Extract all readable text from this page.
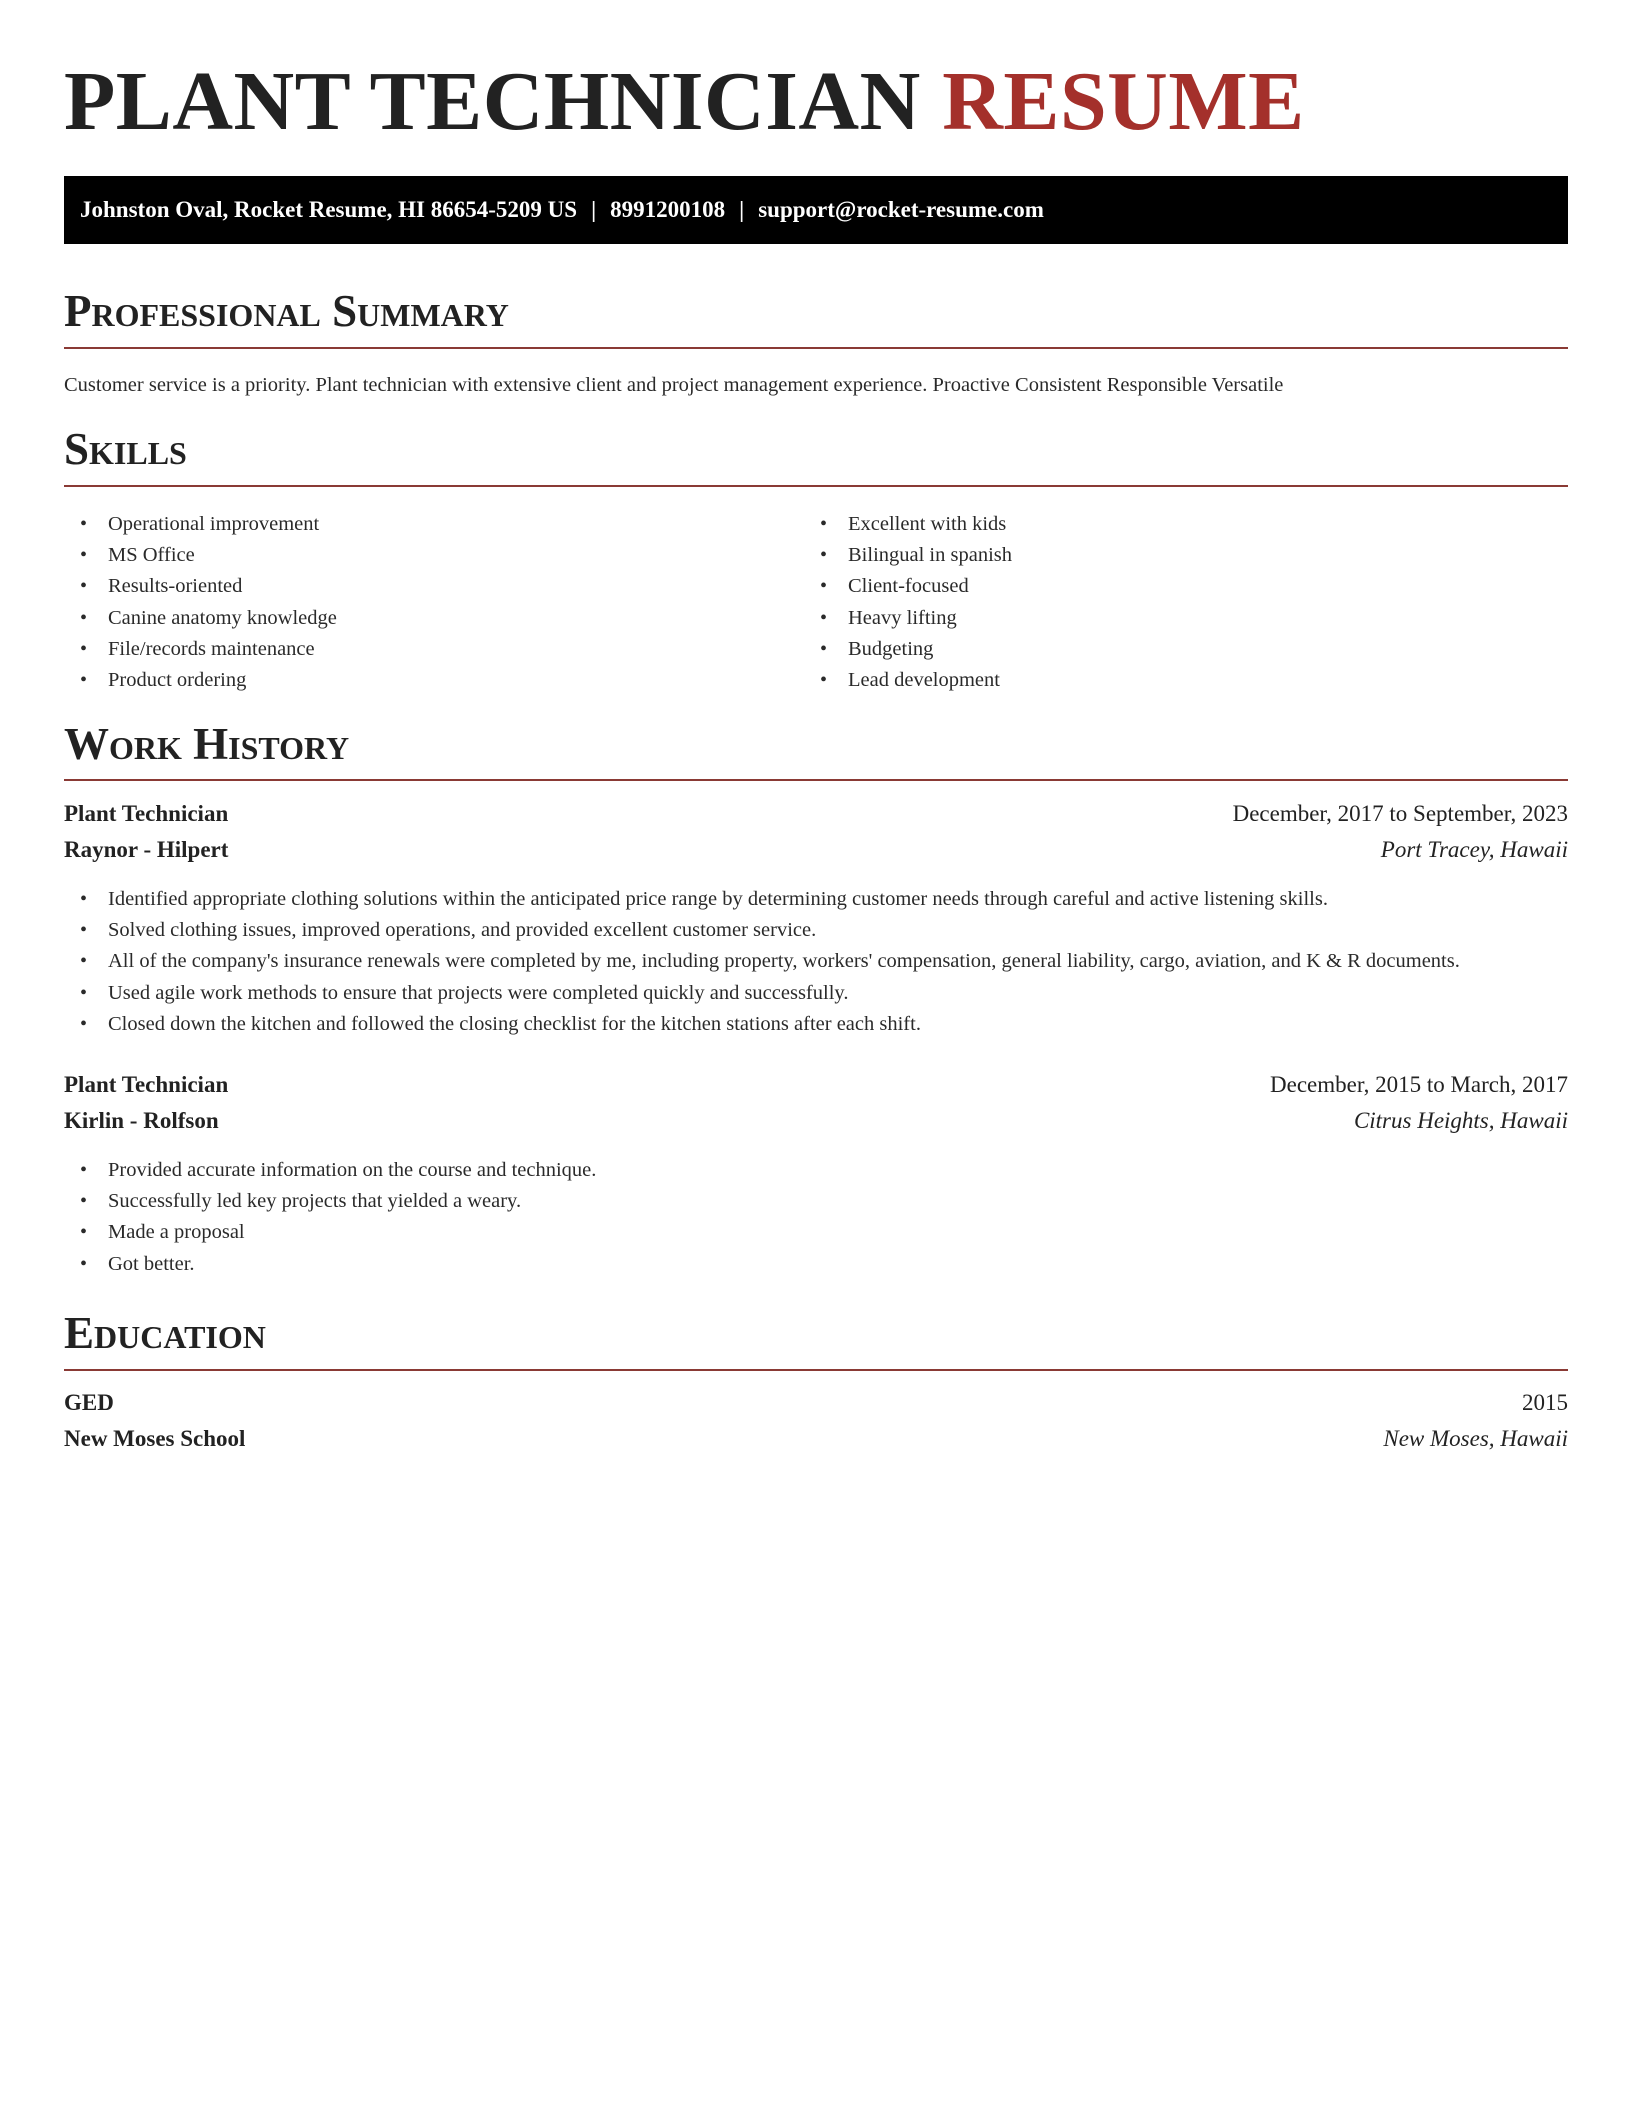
PLANT TECHNICIAN RESUME
Johnston Oval, Rocket Resume, HI 86654-5209 US | 8991200108 | support@rocket-resume.com
Professional Summary

Customer service is a priority. Plant technician with extensive client and project management experience. Proactive Consistent Responsible Versatile

Skills
• Operational improvement
• MS Office
• Results-oriented
• Canine anatomy knowledge
• File/records maintenance
• Product ordering
• Excellent with kids
• Bilingual in spanish
• Client-focused
• Heavy lifting
• Budgeting
• Lead development
Work History
Plant Technician	December, 2017 to September, 2023
Raynor - Hilpert	Port Tracey, Hawaii
• Identified appropriate clothing solutions within the anticipated price range by determining customer needs through careful and active listening skills.
• Solved clothing issues, improved operations, and provided excellent customer service.
• All of the company's insurance renewals were completed by me, including property, workers' compensation, general liability, cargo, aviation, and K & R documents.
• Used agile work methods to ensure that projects were completed quickly and successfully.
• Closed down the kitchen and followed the closing checklist for the kitchen stations after each shift.
Plant Technician	December, 2015 to March, 2017
Kirlin - Rolfson	Citrus Heights, Hawaii
• Provided accurate information on the course and technique.
• Successfully led key projects that yielded a weary.
• Made a proposal
• Got better.
Education
GED	2015
New Moses School	New Moses, Hawaii
